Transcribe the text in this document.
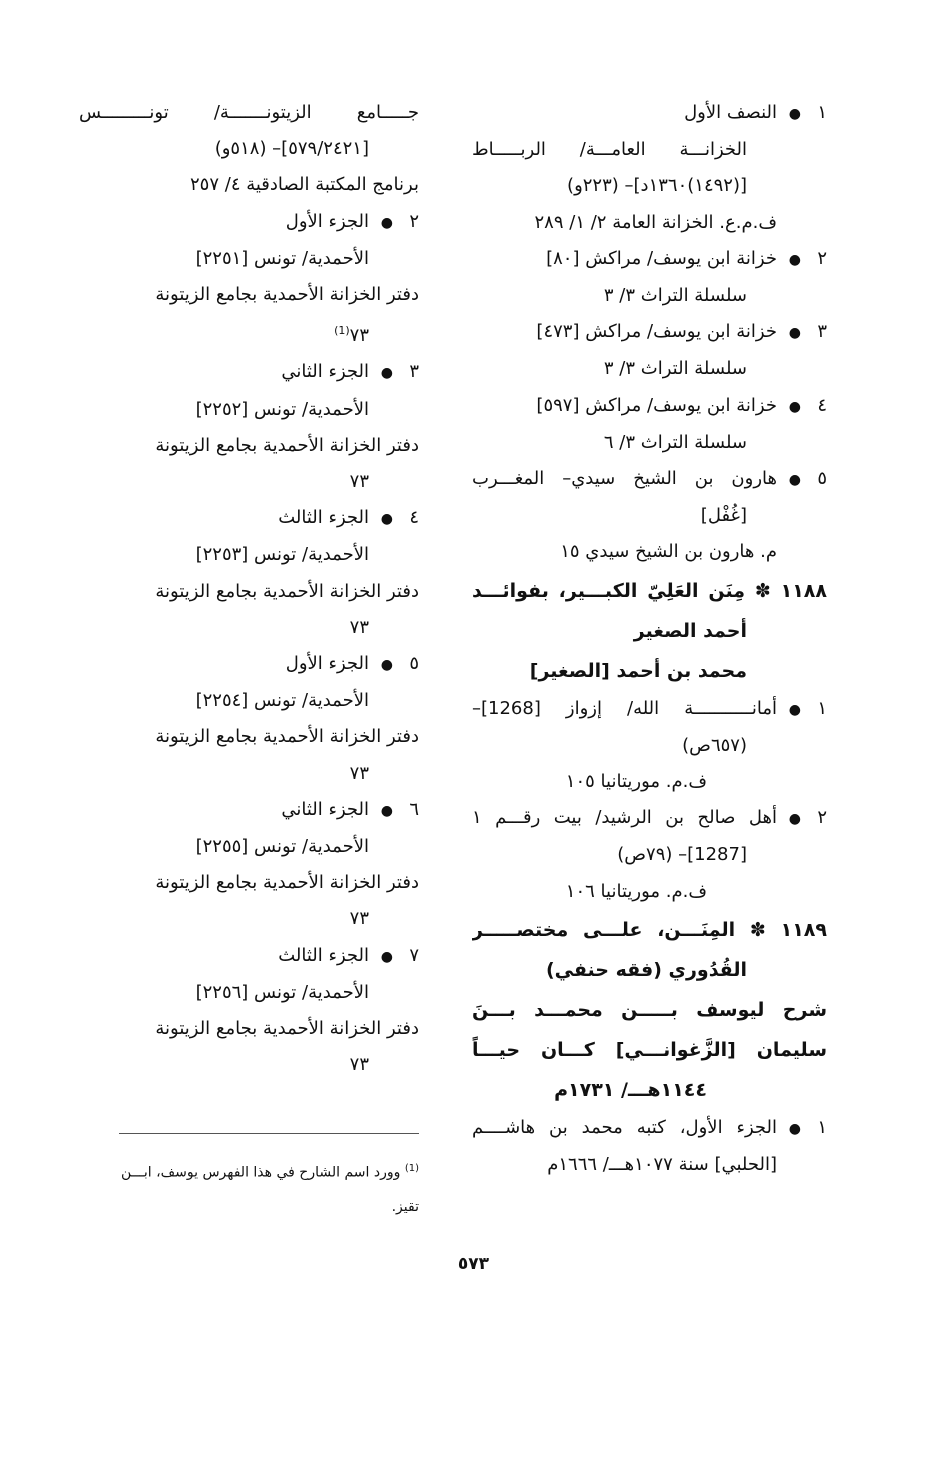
١●النصف الأول
الخزانـــة العامـــة/ الربـــــاط
[(١٤٩٢)١٣٦٠د]– (٢٢٣و)
ف.م.ع. الخزانة العامة ٢/ ١/ ٢٨٩
٢●خزانة ابن يوسف/ مراكش [٨٠]
سلسلة التراث ٣/ ٣
٣●خزانة ابن يوسف/ مراكش [٤٧٣]
سلسلة التراث ٣/ ٣
٤●خزانة ابن يوسف/ مراكش [٥٩٧]
سلسلة التراث ٣/ ٦
٥●هارون بن الشيخ سيدي– المغـــرب
[غُفْل]
م. هارون بن الشيخ سيدي ١٥
١١٨٨ ✽ مِنَن العَلِيّ الكبـــير، بفوائـــد
أحمد الصغير
محمد بن أحمد [الصغير]
١●أمانـــــــــــة الله/ إزواز [1268]–
(٦٥٧ص)
ف.م. موريتانيا ١٠٥
٢●أهل صالح بن الرشيد/ بيت رقـــم ١
[1287]– (٧٩ص)
ف.م. موريتانيا ١٠٦
١١٨٩ ✽ المِنَـــن، علـــى مختصـــــر
القُدُوري (فقه حنفي)
شرح ليوسف بـــــن محمـــد بـــنَ
سليمان [الزَّغوانـــي] كـــان حيـــاً
١١٤٤هـــ/ ١٧٣١م
١●الجزء الأول، كتبه محمد بن هاشــــم
[الحلبي] سنة ١٠٧٧هـــ/ ١٦٦٦م
جـــــامع الزيتونـــــــة/ تونـــــــــس
[٥٧٩/٢٤٢١]– (٥١٨و)
برنامج المكتبة الصادقية ٤/ ٢٥٧
٢●الجزء الأول
الأحمدية/ تونس [٢٢٥١]
دفتر الخزانة الأحمدية بجامع الزيتونة
٧٣$^{(1)}$
٣●الجزء الثاني
الأحمدية/ تونس [٢٢٥٢]
دفتر الخزانة الأحمدية بجامع الزيتونة
٧٣
٤●الجزء الثالث
الأحمدية/ تونس [٢٢٥٣]
دفتر الخزانة الأحمدية بجامع الزيتونة
٧٣
٥●الجزء الأول
الأحمدية/ تونس [٢٢٥٤]
دفتر الخزانة الأحمدية بجامع الزيتونة
٧٣
٦●الجزء الثاني
الأحمدية/ تونس [٢٢٥٥]
دفتر الخزانة الأحمدية بجامع الزيتونة
٧٣
٧●الجزء الثالث
الأحمدية/ تونس [٢٢٥٦]
دفتر الخزانة الأحمدية بجامع الزيتونة
٧٣
$^{(1)}$ وورد اسم الشارح في هذا الفهرس يوسف، ابـــن
تقيز.
٥٧٣
